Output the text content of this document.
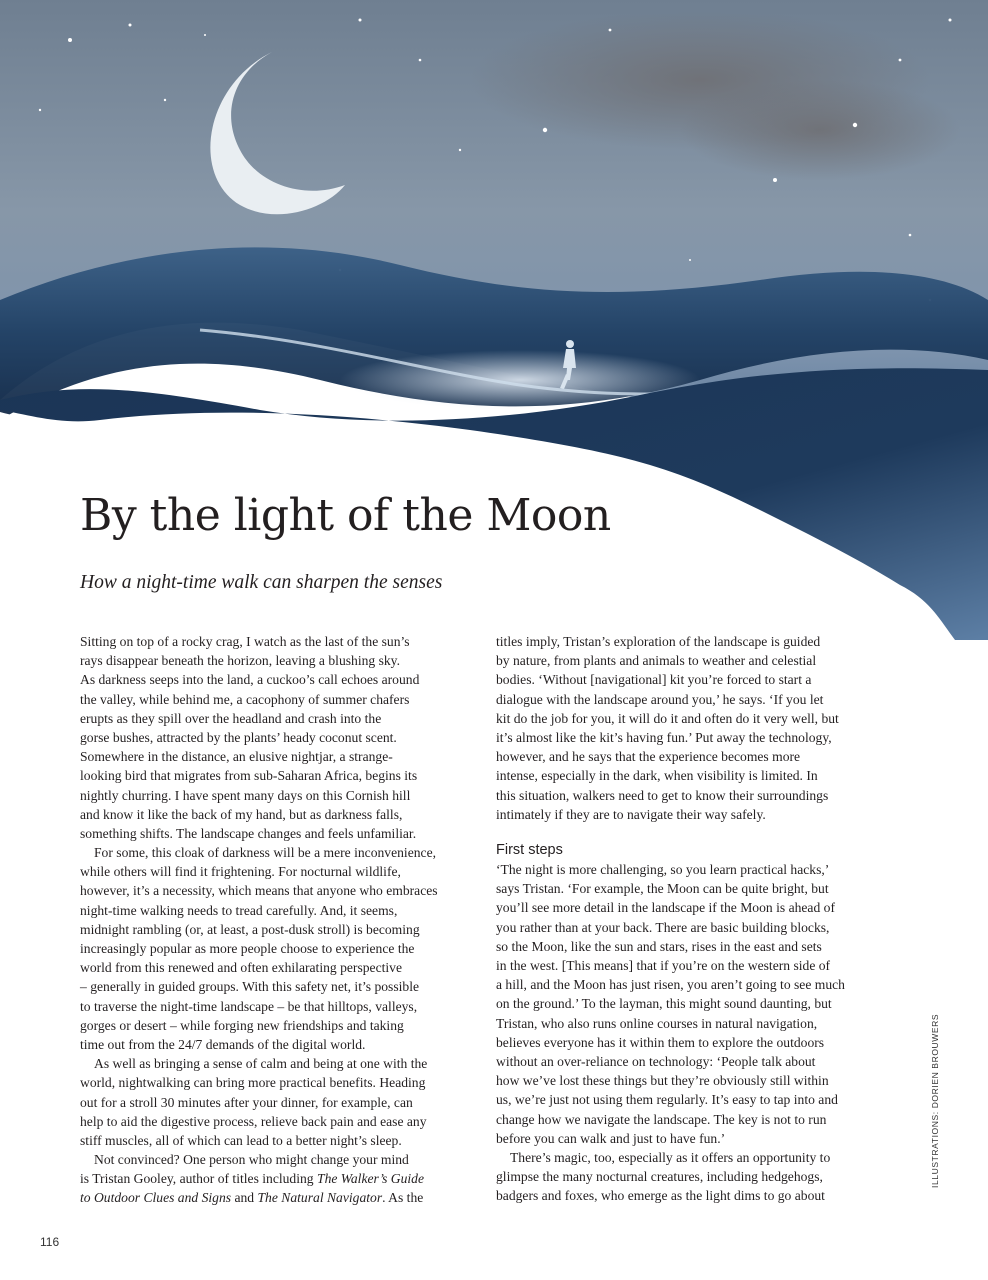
By the light of the Moon

How a night-time walk can sharpen the senses

Sitting on top of a rocky crag, I watch as the last of the sun’s
rays disappear beneath the horizon, leaving a blushing sky.
As darkness seeps into the land, a cuckoo’s call echoes around
the valley, while behind me, a cacophony of summer chafers
erupts as they spill over the headland and crash into the
gorse bushes, attracted by the plants’ heady coconut scent.
Somewhere in the distance, an elusive nightjar, a strange-
looking bird that migrates from sub-Saharan Africa, begins its
nightly churring. I have spent many days on this Cornish hill
and know it like the back of my hand, but as darkness falls,
something shifts. The landscape changes and feels unfamiliar.
For some, this cloak of darkness will be a mere inconvenience,
while others will find it frightening. For nocturnal wildlife,
however, it’s a necessity, which means that anyone who embraces
night-time walking needs to tread carefully. And, it seems,
midnight rambling (or, at least, a post-dusk stroll) is becoming
increasingly popular as more people choose to experience the
world from this renewed and often exhilarating perspective
– generally in guided groups. With this safety net, it’s possible
to traverse the night-time landscape – be that hilltops, valleys,
gorges or desert – while forging new friendships and taking
time out from the 24/7 demands of the digital world.
As well as bringing a sense of calm and being at one with the
world, nightwalking can bring more practical benefits. Heading
out for a stroll 30 minutes after your dinner, for example, can
help to aid the digestive process, relieve back pain and ease any
stiff muscles, all of which can lead to a better night’s sleep.
Not convinced? One person who might change your mind
is Tristan Gooley, author of titles including The Walker’s Guide
to Outdoor Clues and Signs and The Natural Navigator. As the
titles imply, Tristan’s exploration of the landscape is guided
by nature, from plants and animals to weather and celestial
bodies. ‘Without [navigational] kit you’re forced to start a
dialogue with the landscape around you,’ he says. ‘If you let
kit do the job for you, it will do it and often do it very well, but
it’s almost like the kit’s having fun.’ Put away the technology,
however, and he says that the experience becomes more
intense, especially in the dark, when visibility is limited. In
this situation, walkers need to get to know their surroundings
intimately if they are to navigate their way safely.
First steps
‘The night is more challenging, so you learn practical hacks,’
says Tristan. ‘For example, the Moon can be quite bright, but
you’ll see more detail in the landscape if the Moon is ahead of
you rather than at your back. There are basic building blocks,
so the Moon, like the sun and stars, rises in the east and sets
in the west. [This means] that if you’re on the western side of
a hill, and the Moon has just risen, you aren’t going to see much
on the ground.’ To the layman, this might sound daunting, but
Tristan, who also runs online courses in natural navigation,
believes everyone has it within them to explore the outdoors
without an over-reliance on technology: ‘People talk about
how we’ve lost these things but they’re obviously still within
us, we’re just not using them regularly. It’s easy to tap into and
change how we navigate the landscape. The key is not to run
before you can walk and just to have fun.’
There’s magic, too, especially as it offers an opportunity to
glimpse the many nocturnal creatures, including hedgehogs,
badgers and foxes, who emerge as the light dims to go about
ILLUSTRATIONS: DORIEN BROUWERS
116
